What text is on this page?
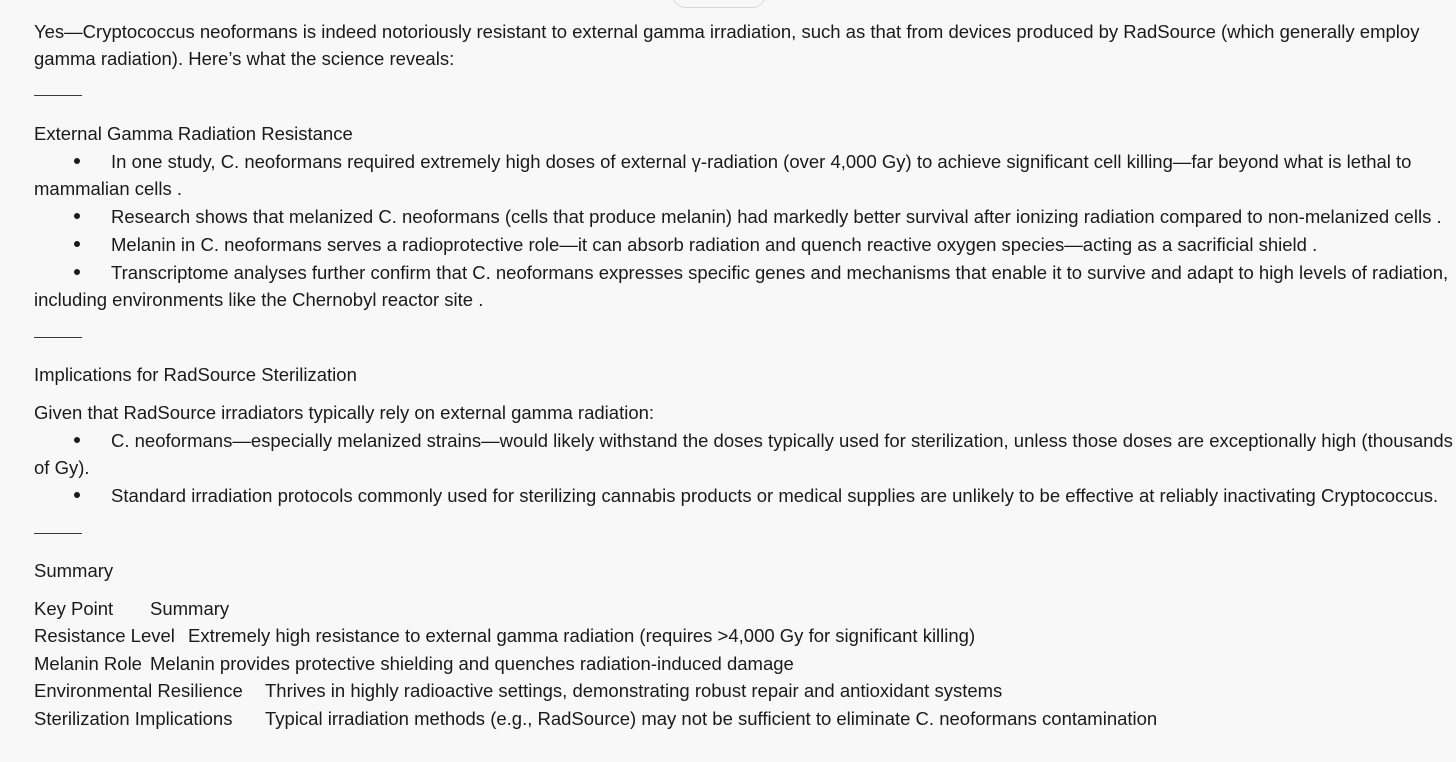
Yes—Cryptococcus neoformans is indeed notoriously resistant to external gamma irradiation, such as that from devices produced by RadSource (which generally employ
gamma radiation). Here’s what the science reveals:
External Gamma Radiation Resistance
In one study, C. neoformans required extremely high doses of external γ-radiation (over 4,000 Gy) to achieve significant cell killing—far beyond what is lethal to
mammalian cells .
Research shows that melanized C. neoformans (cells that produce melanin) had markedly better survival after ionizing radiation compared to non-melanized cells .
Melanin in C. neoformans serves a radioprotective role—it can absorb radiation and quench reactive oxygen species—acting as a sacrificial shield .
Transcriptome analyses further confirm that C. neoformans expresses specific genes and mechanisms that enable it to survive and adapt to high levels of radiation,
including environments like the Chernobyl reactor site .
Implications for RadSource Sterilization
Given that RadSource irradiators typically rely on external gamma radiation:
C. neoformans—especially melanized strains—would likely withstand the doses typically used for sterilization, unless those doses are exceptionally high (thousands
of Gy).
Standard irradiation protocols commonly used for sterilizing cannabis products or medical supplies are unlikely to be effective at reliably inactivating Cryptococcus.
Summary
Key Point Summary
Resistance Level Extremely high resistance to external gamma radiation (requires >4,000 Gy for significant killing)
Melanin Role Melanin provides protective shielding and quenches radiation-induced damage
Environmental Resilience Thrives in highly radioactive settings, demonstrating robust repair and antioxidant systems
Sterilization Implications Typical irradiation methods (e.g., RadSource) may not be sufficient to eliminate C. neoformans contamination
